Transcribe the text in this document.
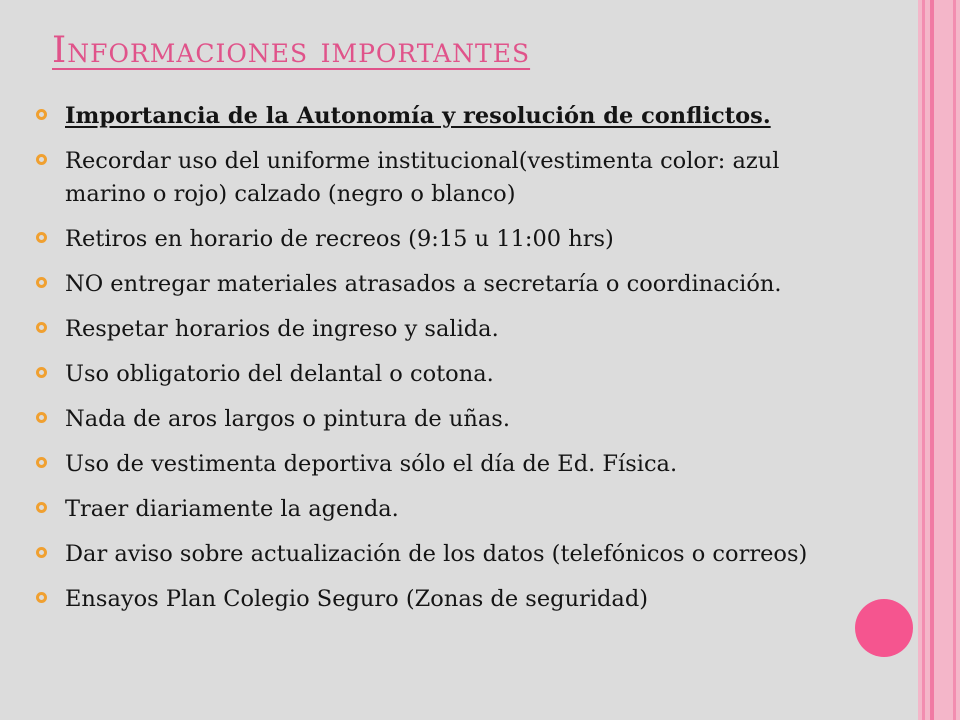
Informaciones importantes
Importancia de la Autonomía y resolución de conflictos.
Recordar uso del uniforme institucional(vestimenta color: azul marino o rojo) calzado (negro o blanco)
Retiros en horario de recreos (9:15 u 11:00 hrs)
NO entregar materiales atrasados a secretaría o coordinación.
Respetar horarios de ingreso y salida.
Uso obligatorio del delantal o cotona.
Nada de aros largos o pintura de uñas.
Uso de vestimenta deportiva sólo el día de Ed. Física.
Traer diariamente la agenda.
Dar aviso sobre actualización de los datos (telefónicos o correos)
Ensayos Plan Colegio Seguro (Zonas de seguridad)
